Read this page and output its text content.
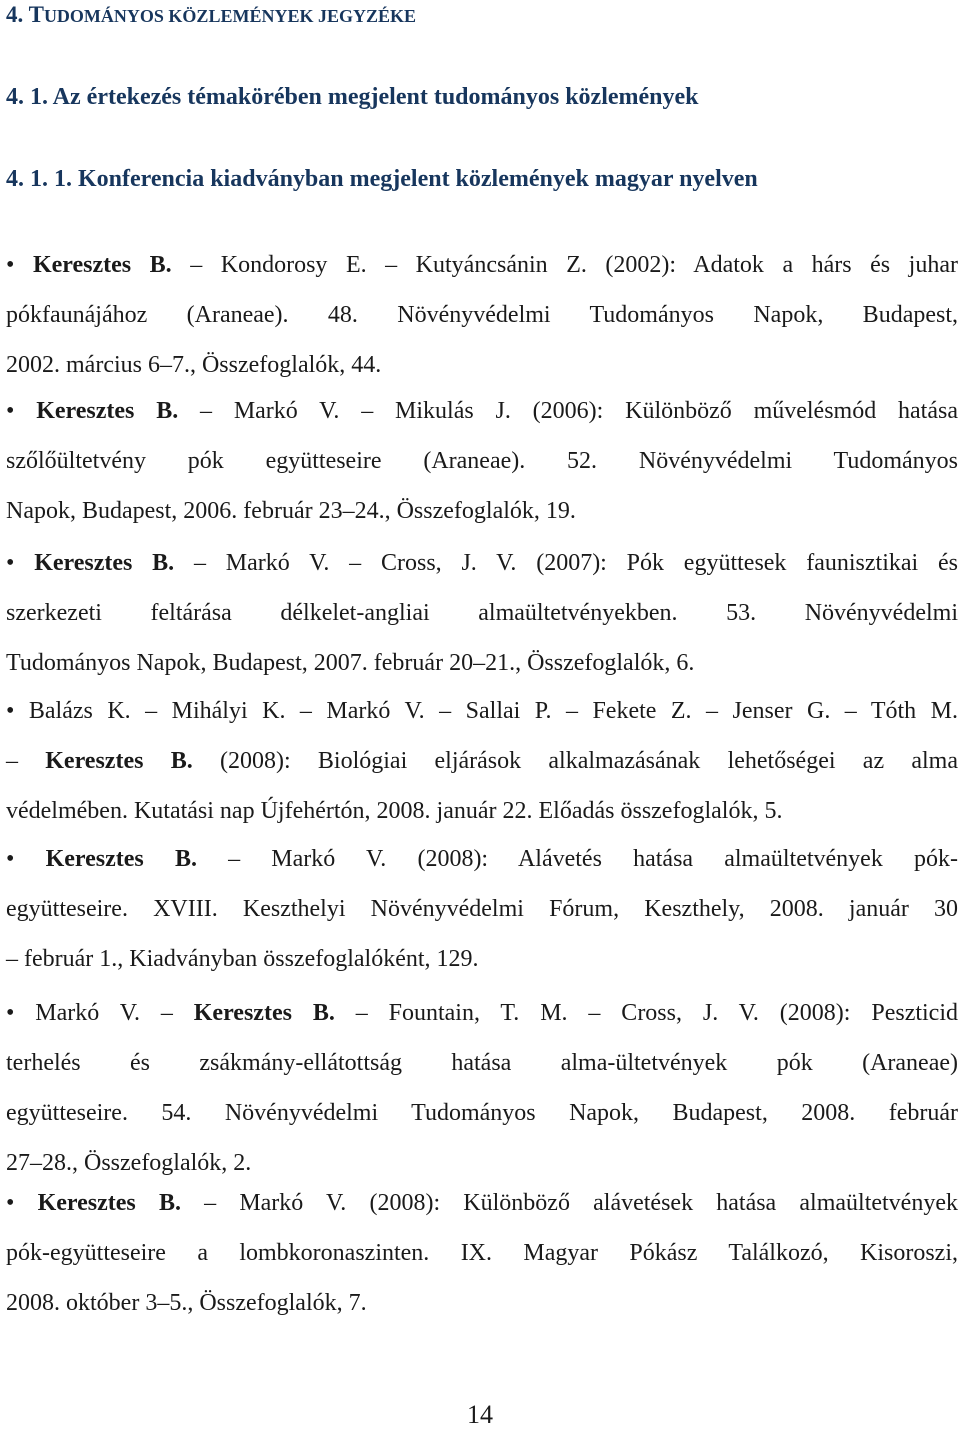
4. TUDOMÁNYOS KÖZLEMÉNYEK JEGYZÉKE
4. 1. Az értekezés témakörében megjelent tudományos közlemények
4. 1. 1. Konferencia kiadványban megjelent közlemények magyar nyelven
• Keresztes B. – Kondorosy E. – Kutyáncsánin Z. (2002): Adatok a hárs és juhar
pókfaunájához (Araneae). 48. Növényvédelmi Tudományos Napok, Budapest,
2002. március 6–7., Összefoglalók, 44.
• Keresztes B. – Markó V. – Mikulás J. (2006): Különböző művelésmód hatása
szőlőültetvény pók együtteseire (Araneae). 52. Növényvédelmi Tudományos
Napok, Budapest, 2006. február 23–24., Összefoglalók, 19.
• Keresztes B. – Markó V. – Cross, J. V. (2007): Pók együttesek faunisztikai és
szerkezeti feltárása délkelet-angliai almaültetvényekben. 53. Növényvédelmi
Tudományos Napok, Budapest, 2007. február 20–21., Összefoglalók, 6.
• Balázs K. – Mihályi K. – Markó V. – Sallai P. – Fekete Z. – Jenser G. – Tóth M.
– Keresztes B. (2008): Biológiai eljárások alkalmazásának lehetőségei az alma
védelmében. Kutatási nap Újfehértón, 2008. január 22. Előadás összefoglalók, 5.
• Keresztes B. – Markó V. (2008): Alávetés hatása almaültetvények pók-
együtteseire. XVIII. Keszthelyi Növényvédelmi Fórum, Keszthely, 2008. január 30
– február 1., Kiadványban összefoglalóként, 129.
• Markó V. – Keresztes B. – Fountain, T. M. – Cross, J. V. (2008): Peszticid
terhelés és zsákmány-ellátottság hatása alma-ültetvények pók (Araneae)
együtteseire. 54. Növényvédelmi Tudományos Napok, Budapest, 2008. február
27–28., Összefoglalók, 2.
• Keresztes B. – Markó V. (2008): Különböző alávetések hatása almaültetvények
pók-együtteseire a lombkoronaszinten. IX. Magyar Pókász Találkozó, Kisoroszi,
2008. október 3–5., Összefoglalók, 7.
14
